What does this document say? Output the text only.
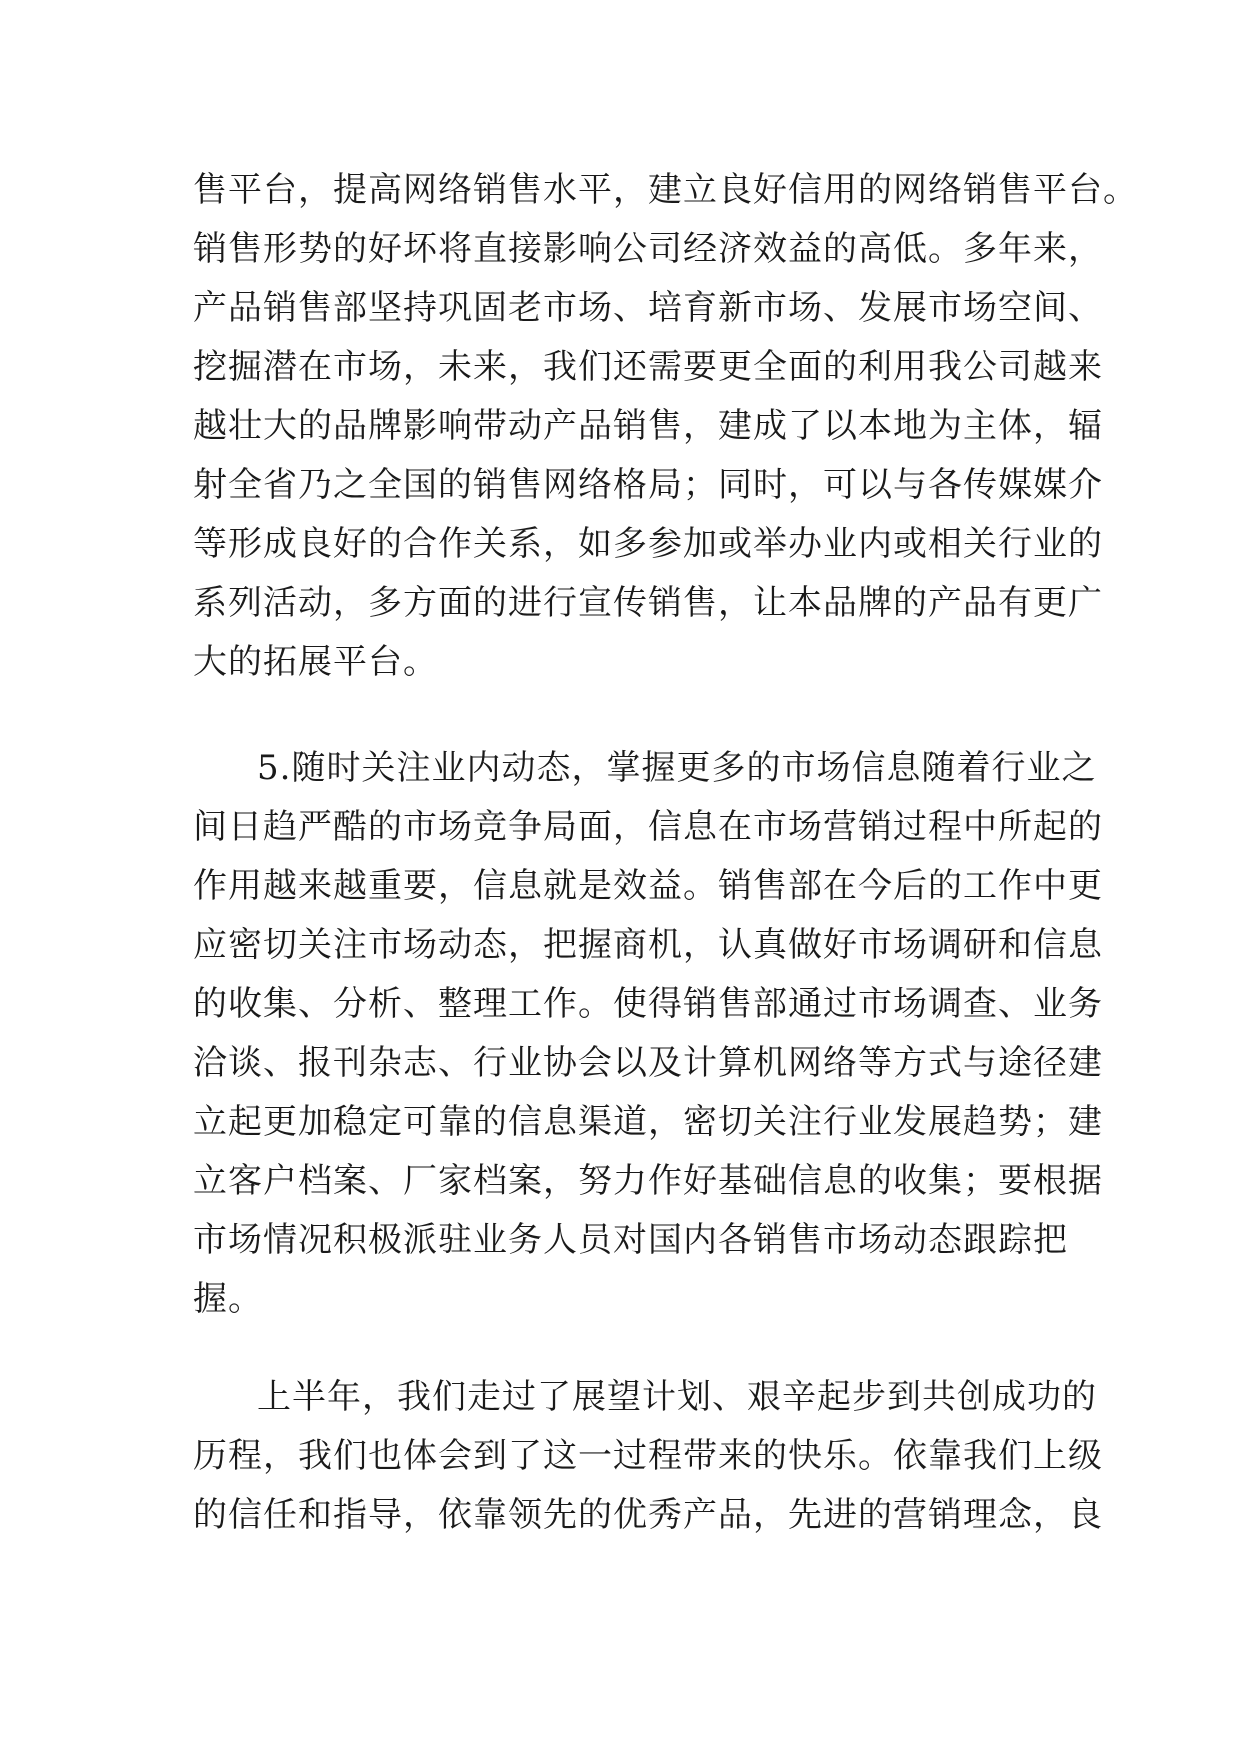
售平台，提高网络销售水平，建立良好信用的网络销售平台。
销售形势的好坏将直接影响公司经济效益的高低。多年来，
产品销售部坚持巩固老市场、培育新市场、发展市场空间、
挖掘潜在市场，未来，我们还需要更全面的利用我公司越来
越壮大的品牌影响带动产品销售，建成了以本地为主体，辐
射全省乃之全国的销售网络格局；同时，可以与各传媒媒介
等形成良好的合作关系，如多参加或举办业内或相关行业的
系列活动，多方面的进行宣传销售，让本品牌的产品有更广
大的拓展平台。
5.随时关注业内动态，掌握更多的市场信息随着行业之
间日趋严酷的市场竞争局面，信息在市场营销过程中所起的
作用越来越重要，信息就是效益。销售部在今后的工作中更
应密切关注市场动态，把握商机，认真做好市场调研和信息
的收集、分析、整理工作。使得销售部通过市场调查、业务
洽谈、报刊杂志、行业协会以及计算机网络等方式与途径建
立起更加稳定可靠的信息渠道，密切关注行业发展趋势；建
立客户档案、厂家档案，努力作好基础信息的收集；要根据
市场情况积极派驻业务人员对国内各销售市场动态跟踪把
握。
上半年，我们走过了展望计划、艰辛起步到共创成功的
历程，我们也体会到了这一过程带来的快乐。依靠我们上级
的信任和指导，依靠领先的优秀产品，先进的营销理念，良
